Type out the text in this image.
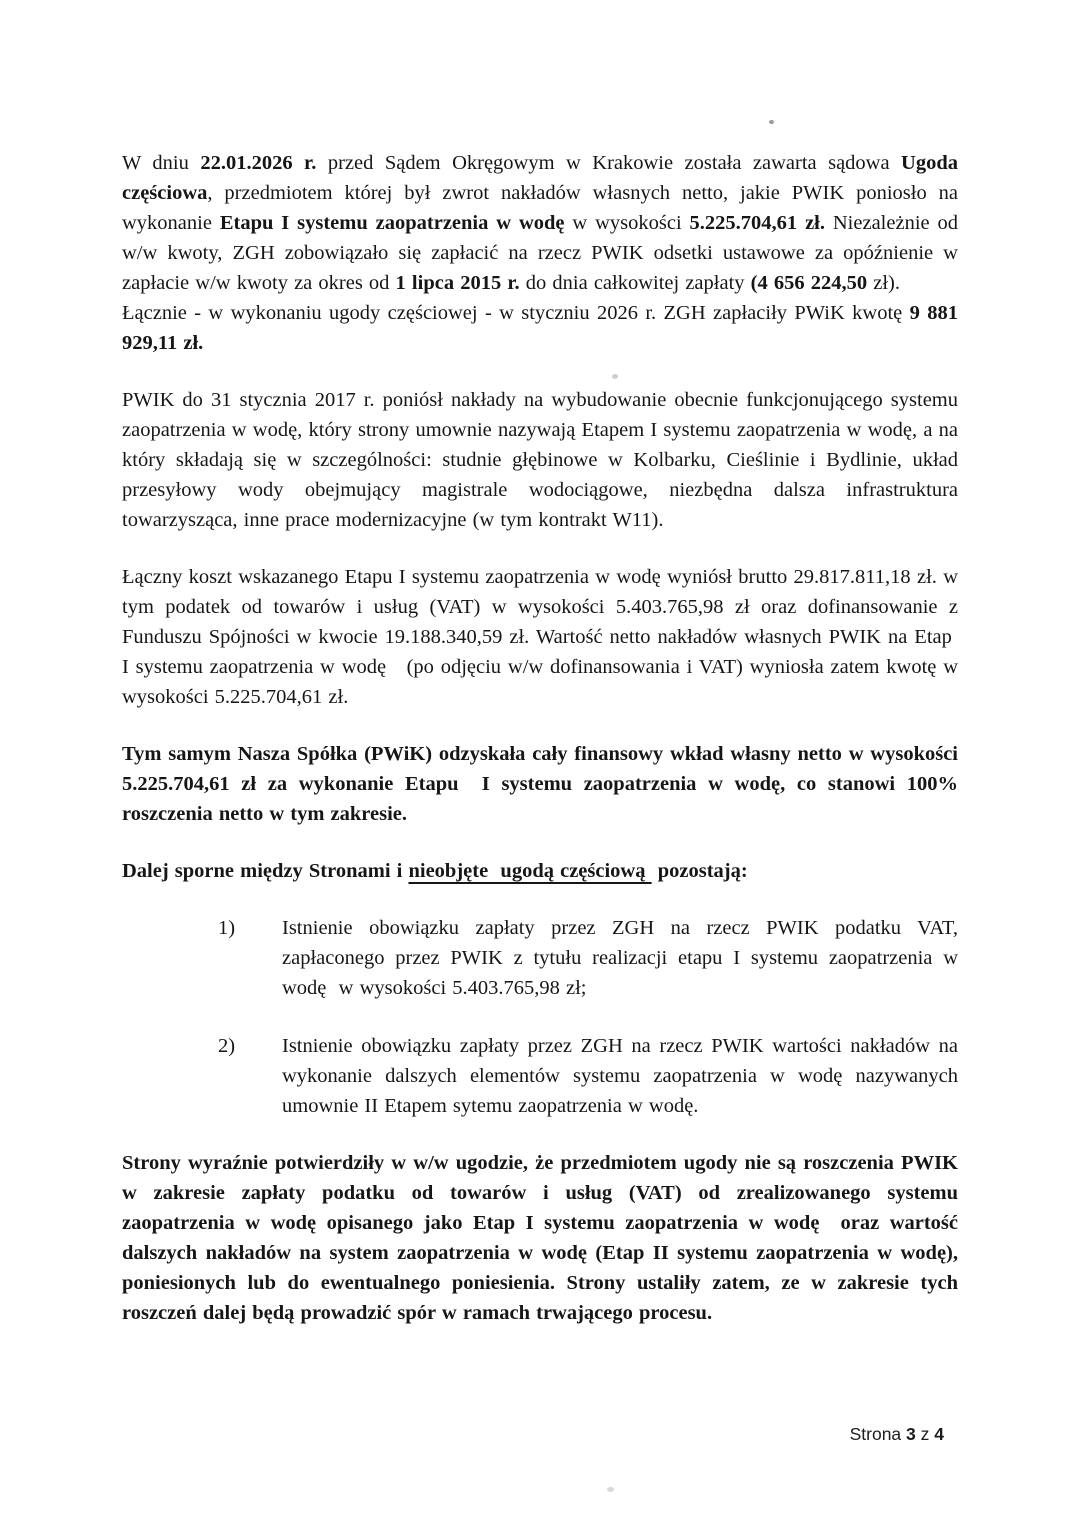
W dniu 22.01.2026 r. przed Sądem Okręgowym w Krakowie została zawarta sądowa Ugoda częściowa, przedmiotem której był zwrot nakładów własnych netto, jakie PWIK poniosło na wykonanie Etapu I systemu zaopatrzenia w wodę w wysokości 5.225.704,61 zł. Niezależnie od w/w kwoty, ZGH zobowiązało się zapłacić na rzecz PWIK odsetki ustawowe za opóźnienie w zapłacie w/w kwoty za okres od 1 lipca 2015 r. do dnia całkowitej zapłaty (4 656 224,50 zł).

Łącznie - w wykonaniu ugody częściowej - w styczniu 2026 r. ZGH zapłaciły PWiK kwotę 9 881 929,11 zł.

PWIK do 31 stycznia 2017 r. poniósł nakłady na wybudowanie obecnie funkcjonującego systemu zaopatrzenia w wodę, który strony umownie nazywają Etapem I systemu zaopatrzenia w wodę, a na który składają się w szczególności: studnie głębinowe w Kolbarku, Cieślinie i Bydlinie, układ przesyłowy wody obejmujący magistrale wodociągowe, niezbędna dalsza infrastruktura towarzysząca, inne prace modernizacyjne (w tym kontrakt W11).

Łączny koszt wskazanego Etapu I systemu zaopatrzenia w wodę wyniósł brutto 29.817.811,18 zł. w tym podatek od towarów i usług (VAT) w wysokości 5.403.765,98 zł oraz dofinansowanie z Funduszu Spójności w kwocie 19.188.340,59 zł. Wartość netto nakładów własnych PWIK na Etap  I systemu zaopatrzenia w wodę   (po odjęciu w/w dofinansowania i VAT) wyniosła zatem kwotę w wysokości 5.225.704,61 zł.

Tym samym Nasza Spółka (PWiK) odzyskała cały finansowy wkład własny netto w wysokości 5.225.704,61 zł za wykonanie Etapu  I systemu zaopatrzenia w wodę, co stanowi 100% roszczenia netto w tym zakresie.

Dalej sporne między Stronami i nieobjęte  ugodą częściową  pozostają:

1)	Istnienie obowiązku zapłaty przez ZGH na rzecz PWIK podatku VAT, zapłaconego przez PWIK z tytułu realizacji etapu I systemu zaopatrzenia w wodę  w wysokości 5.403.765,98 zł;
2)	Istnienie obowiązku zapłaty przez ZGH na rzecz PWIK wartości nakładów na wykonanie dalszych elementów systemu zaopatrzenia w wodę nazywanych umownie II Etapem sytemu zaopatrzenia w wodę.

Strony wyraźnie potwierdziły w w/w ugodzie, że przedmiotem ugody nie są roszczenia PWIK w zakresie zapłaty podatku od towarów i usług (VAT) od zrealizowanego systemu zaopatrzenia w wodę opisanego jako Etap I systemu zaopatrzenia w wodę  oraz wartość dalszych nakładów na system zaopatrzenia w wodę (Etap II systemu zaopatrzenia w wodę), poniesionych lub do ewentualnego poniesienia. Strony ustaliły zatem, ze w zakresie tych roszczeń dalej będą prowadzić spór w ramach trwającego procesu.

Strona 3 z 4
